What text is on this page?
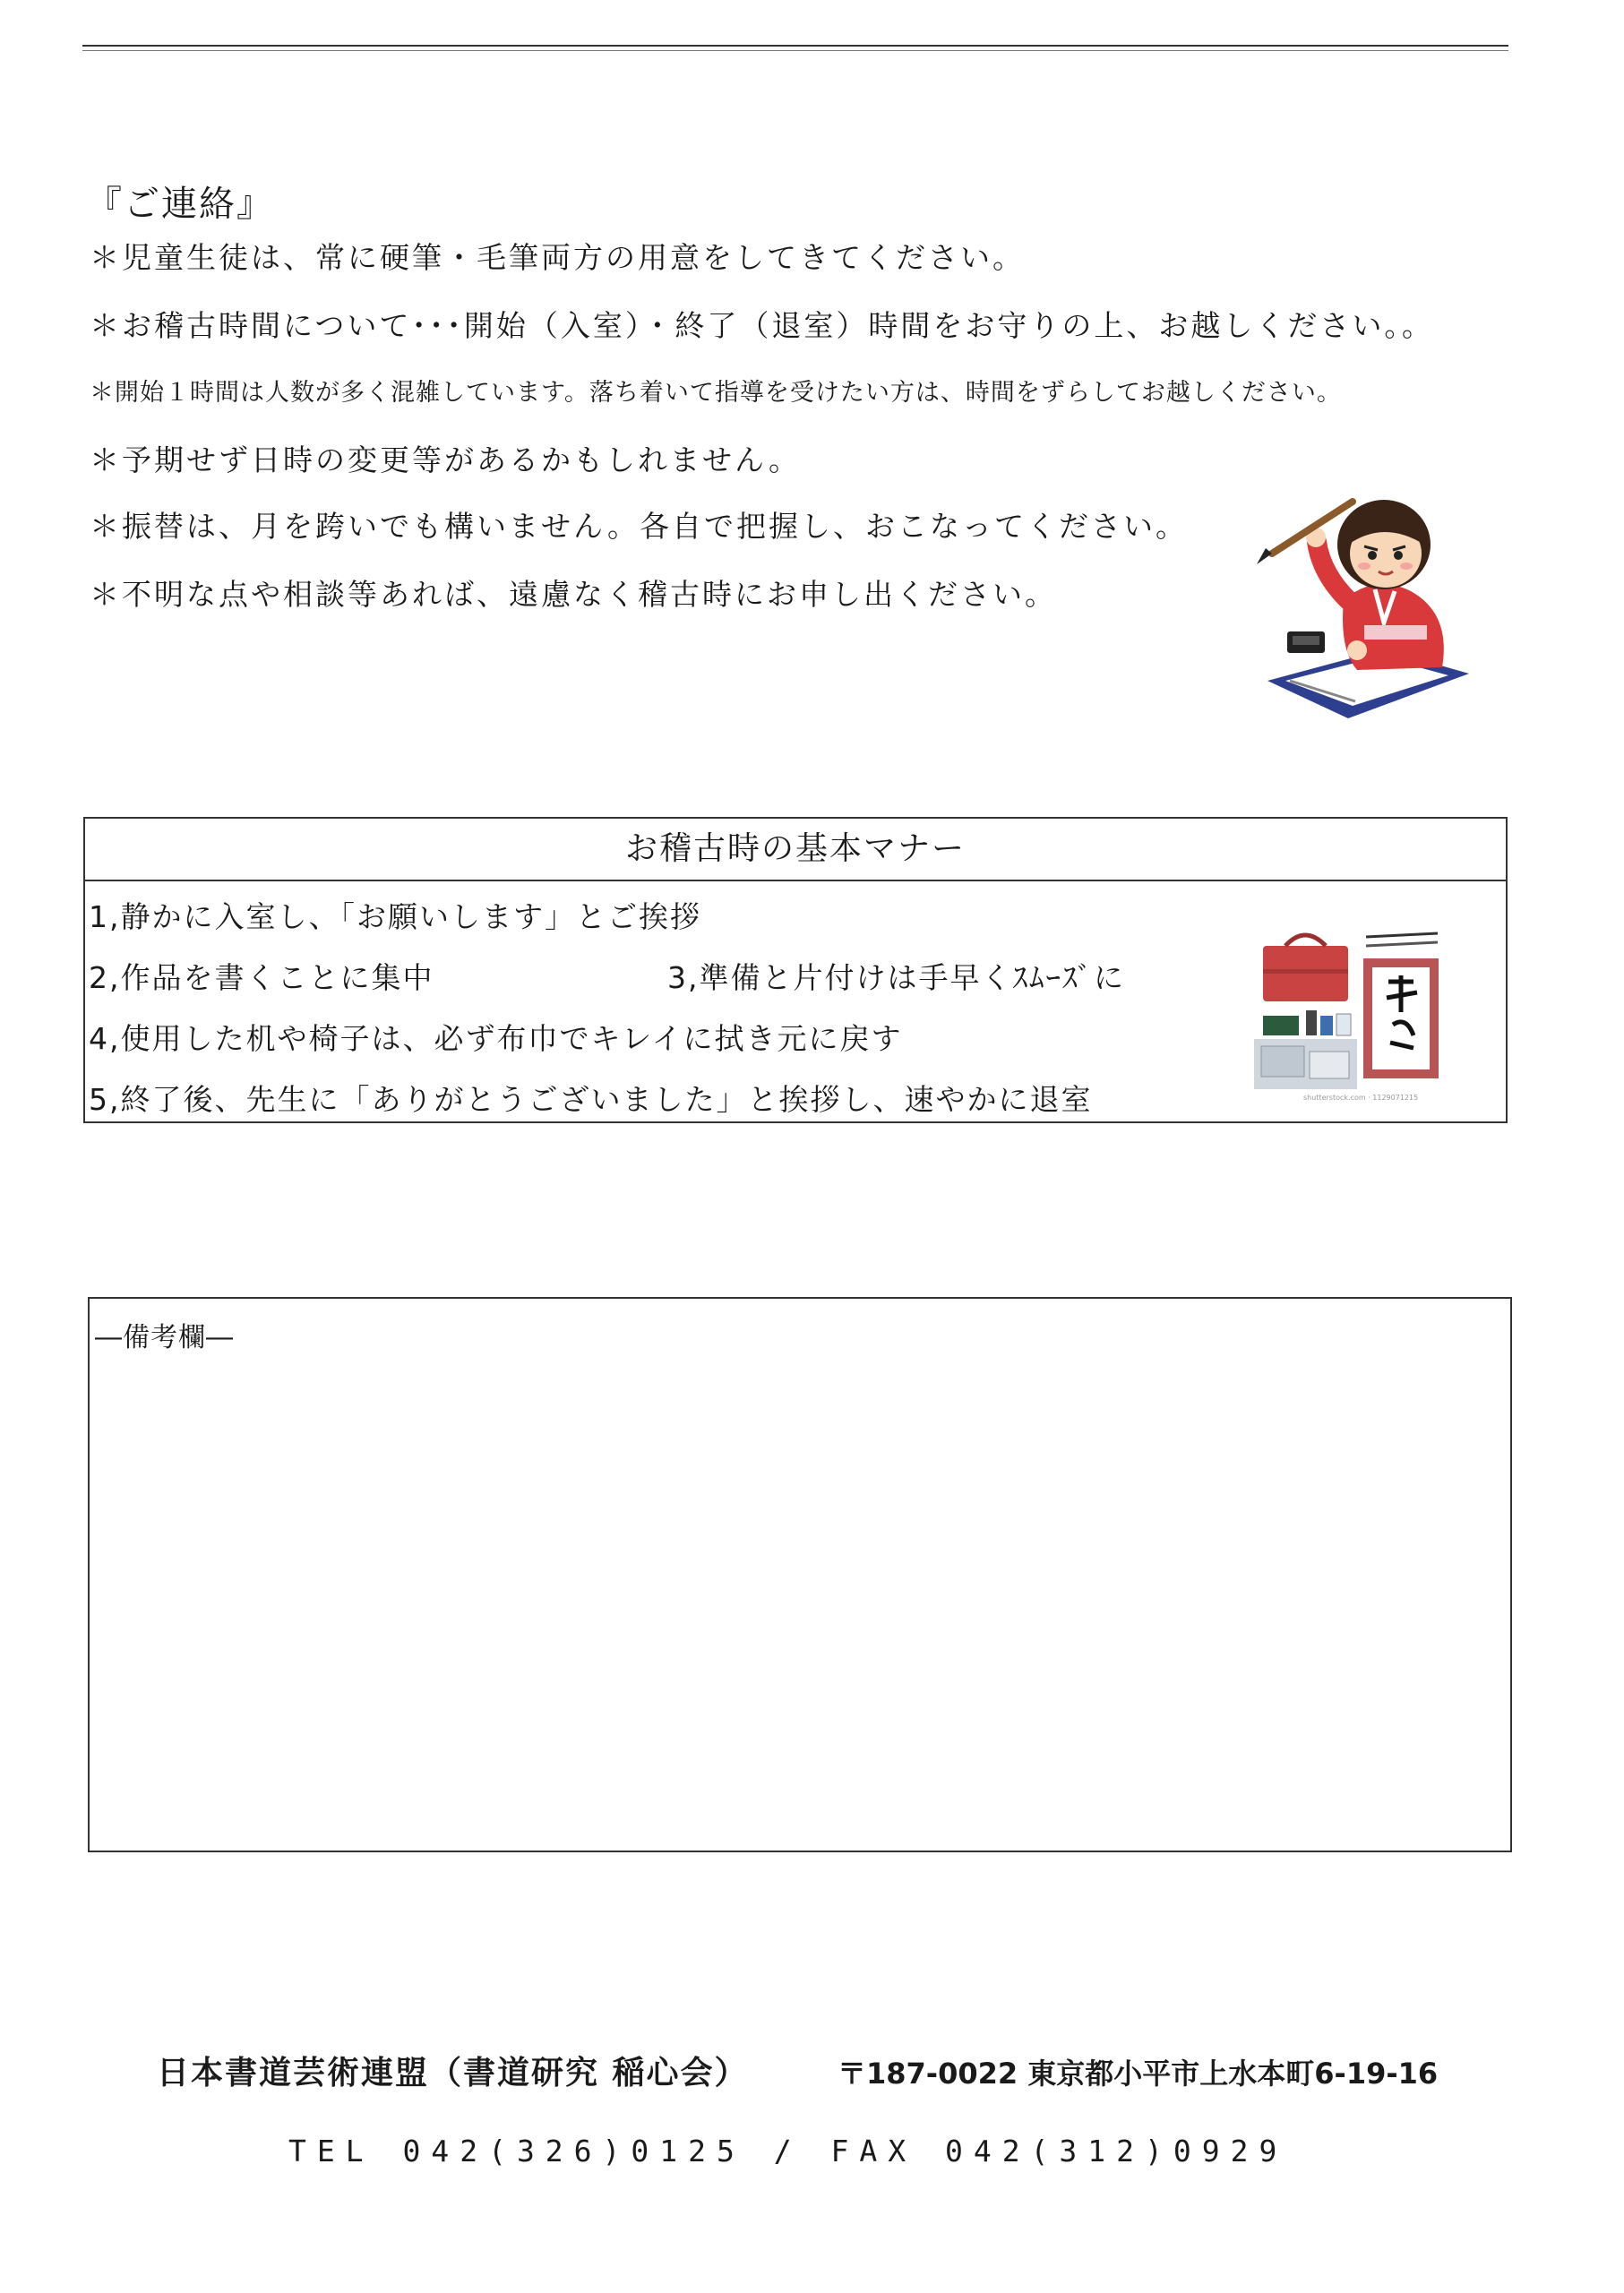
『ご連絡』
＊児童生徒は、常に硬筆・毛筆両方の用意をしてきてください。
＊お稽古時間について･･･開始（入室）・終了（退室）時間をお守りの上、お越しください。。
＊開始１時間は人数が多く混雑しています。落ち着いて指導を受けたい方は、時間をずらしてお越しください。
＊予期せず日時の変更等があるかもしれません。
＊振替は、月を跨いでも構いません。各自で把握し、おこなってください。
＊不明な点や相談等あれば、遠慮なく稽古時にお申し出ください。
お稽古時の基本マナー
1,静かに入室し、「お願いします」とご挨拶
2,作品を書くことに集中	3,準備と片付けは手早くｽﾑｰｽﾞに
4,使用した机や椅子は、必ず布巾でキレイに拭き元に戻す
5,終了後、先生に「ありがとうございました」と挨拶し、速やかに退室	shutterstock.com · 1129071215
―備考欄―
日本書道芸術連盟（書道研究 稲心会）	〒187-0022 東京都小平市上水本町6-19-16
TEL 042(326)0125 / FAX 042(312)0929
